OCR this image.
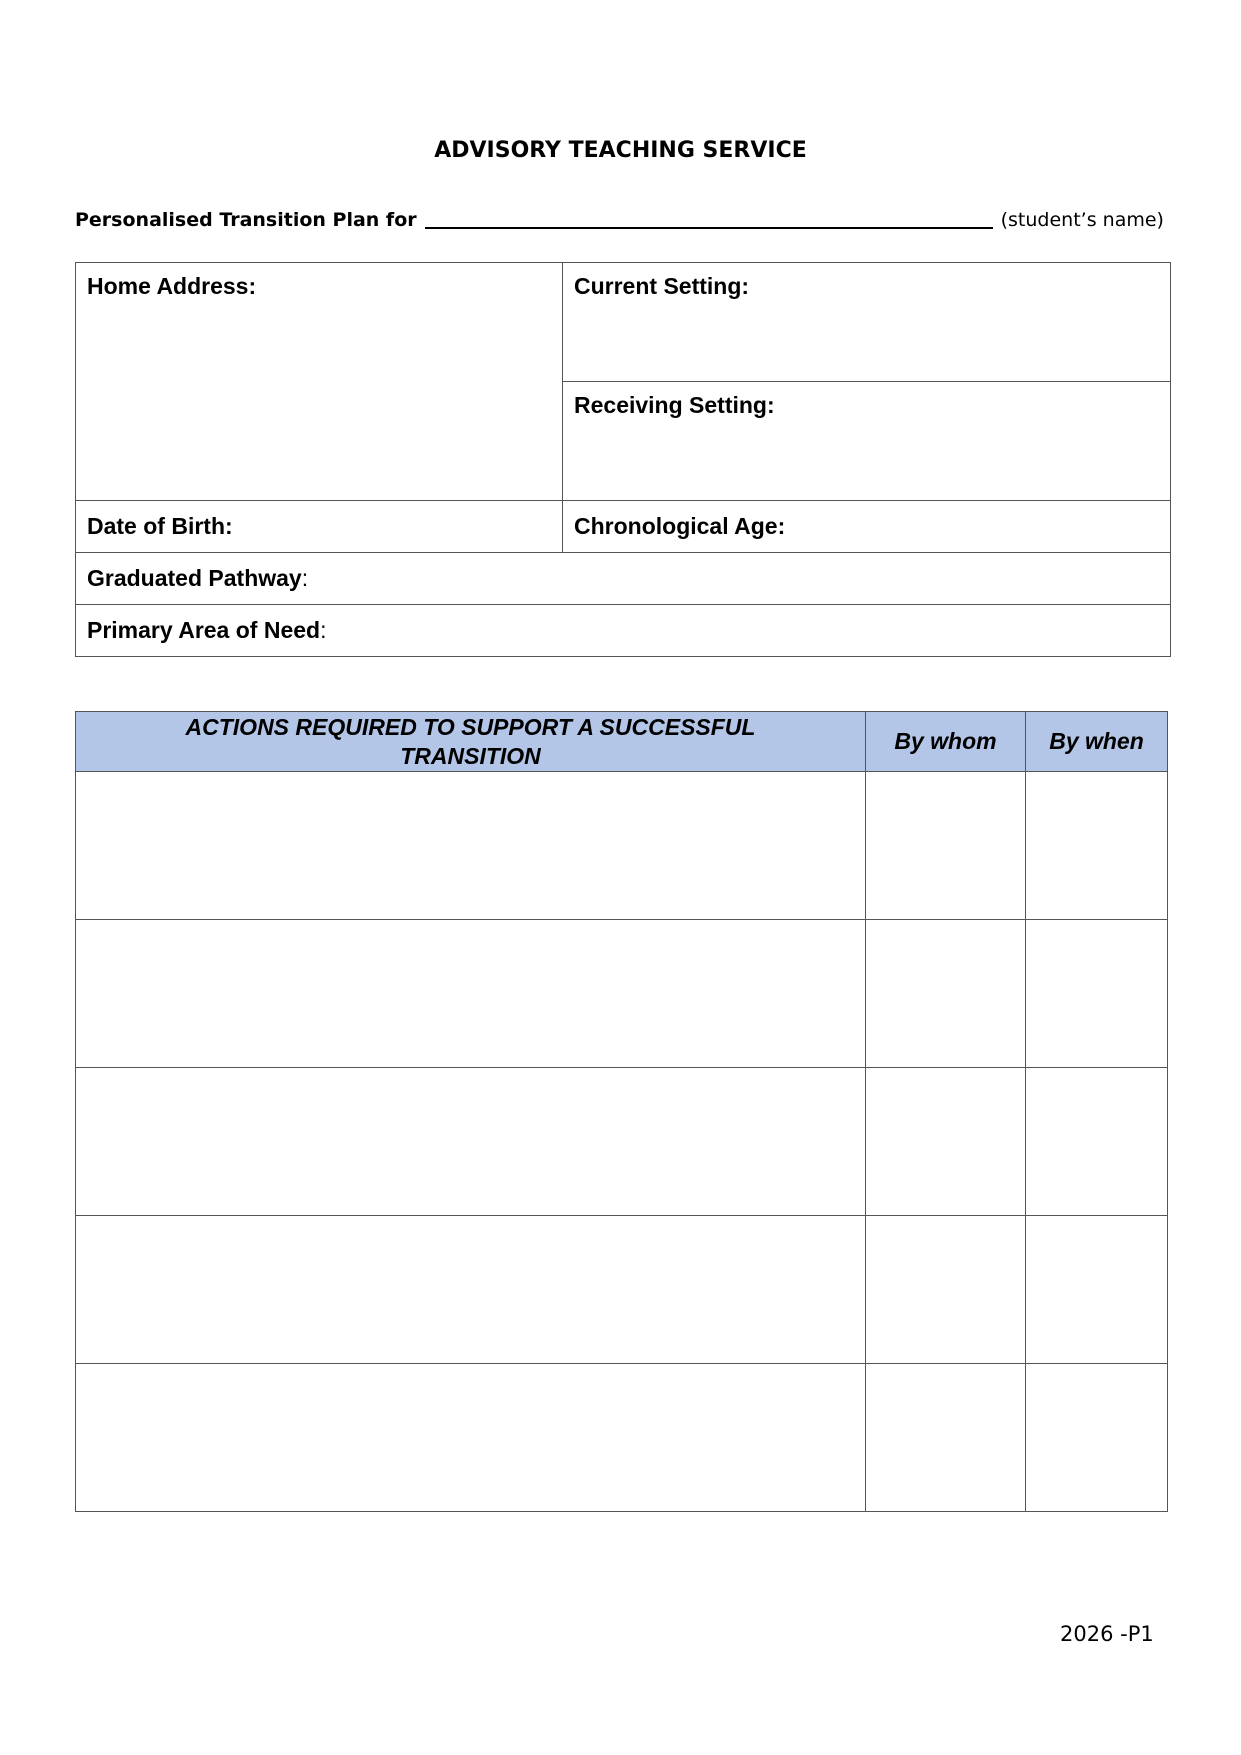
ADVISORY TEACHING SERVICE
Personalised Transition Plan for	(student’s name)
Home Address:	Current Setting:
	Receiving Setting:
Date of Birth:	Chronological Age:
Graduated Pathway:	
Primary Area of Need:	
ACTIONS REQUIRED TO SUPPORT A SUCCESSFUL TRANSITION	By whom	By when

2026 -P1
